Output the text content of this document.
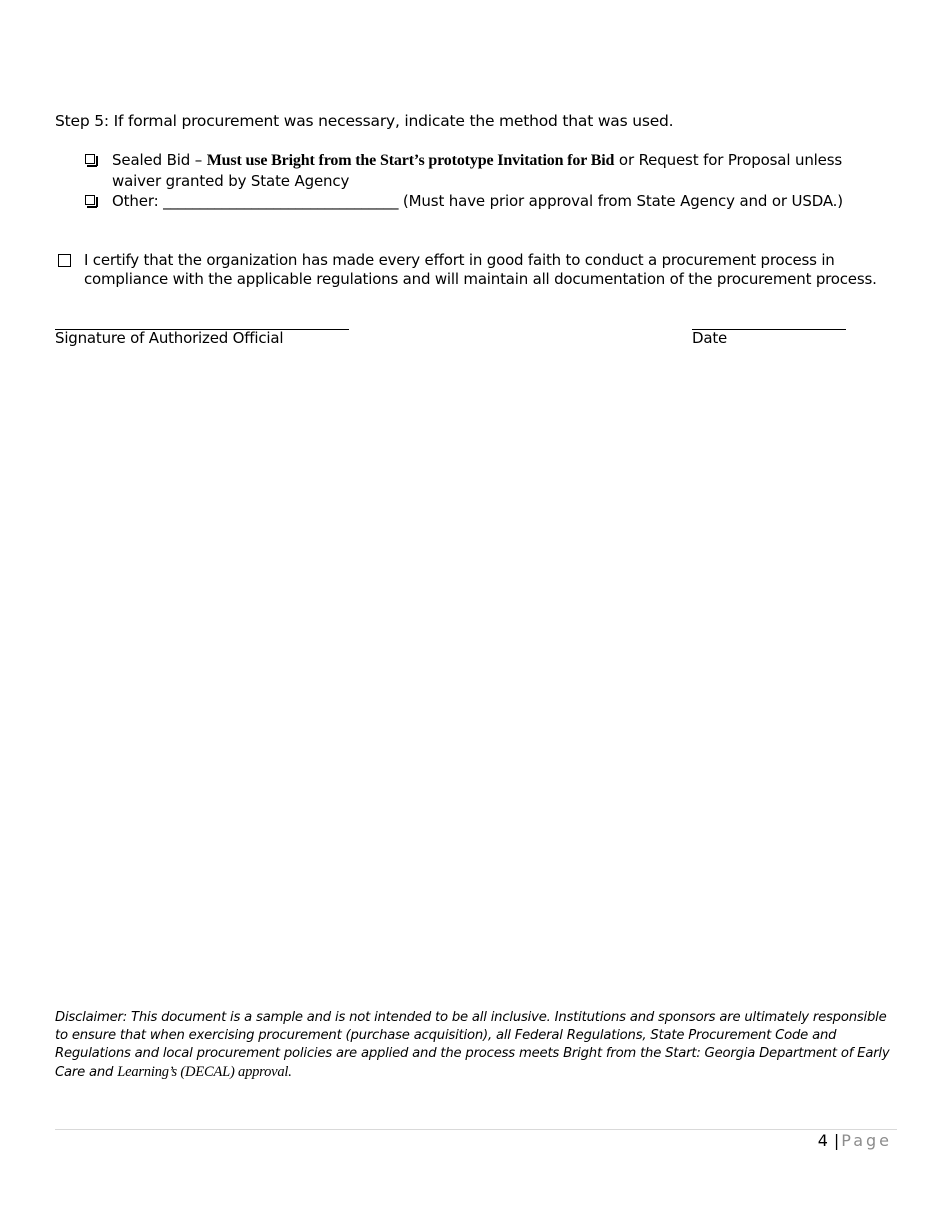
Step 5: If formal procurement was necessary, indicate the method that was used.
Sealed Bid – Must use Bright from the Start’s prototype Invitation for Bid or Request for Proposal unless waiver granted by State Agency
Other: ________________________________ (Must have prior approval from State Agency and or USDA.)
I certify that the organization has made every effort in good faith to conduct a procurement process in compliance with the applicable regulations and will maintain all documentation of the procurement process.
Signature of Authorized Official	Date
Disclaimer: This document is a sample and is not intended to be all inclusive. Institutions and sponsors are ultimately responsible to ensure that when exercising procurement (purchase acquisition), all Federal Regulations, State Procurement Code and Regulations and local procurement policies are applied and the process meets Bright from the Start: Georgia Department of Early Care and Learning’s (DECAL) approval.
4 | Page
